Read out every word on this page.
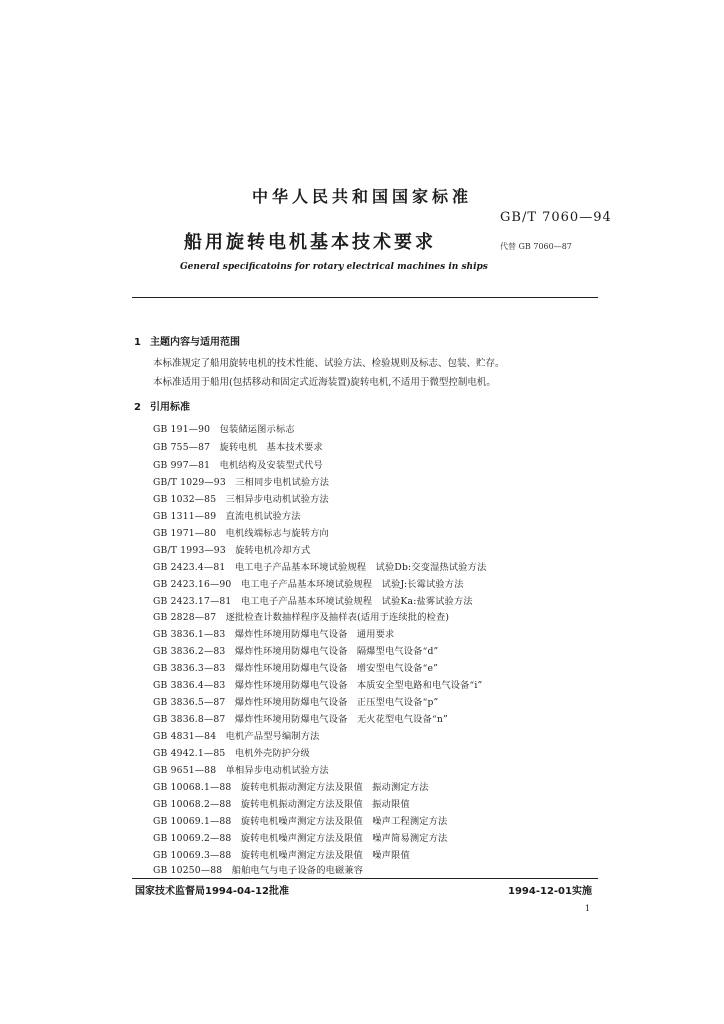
中华人民共和国国家标准
GB/T 7060—94
船用旋转电机基本技术要求	代替 GB 7060—87
General specificatoins for rotary electrical machines in ships
1 主题内容与适用范围
本标准规定了船用旋转电机的技术性能、试验方法、检验规则及标志、包装、贮存。
本标准适用于船用(包括移动和固定式近海装置)旋转电机,不适用于微型控制电机。
2 引用标准
GB 191—90　包装储运图示标志
GB 755—87　旋转电机　基本技术要求
GB 997—81　电机结构及安装型式代号
GB/T 1029—93　三相同步电机试验方法
GB 1032—85　三相异步电动机试验方法
GB 1311—89　直流电机试验方法
GB 1971—80　电机线端标志与旋转方向
GB/T 1993—93　旋转电机冷却方式
GB 2423.4—81　电工电子产品基本环境试验规程　试验Db:交变湿热试验方法
GB 2423.16—90　电工电子产品基本环境试验规程　试验J:长霉试验方法
GB 2423.17—81　电工电子产品基本环境试验规程　试验Ka:盐雾试验方法
GB 2828—87　逐批检查计数抽样程序及抽样表(适用于连续批的检查)
GB 3836.1—83　爆炸性环境用防爆电气设备　通用要求
GB 3836.2—83　爆炸性环境用防爆电气设备　隔爆型电气设备“d”
GB 3836.3—83　爆炸性环境用防爆电气设备　增安型电气设备“e”
GB 3836.4—83　爆炸性环境用防爆电气设备　本质安全型电路和电气设备“i”
GB 3836.5—87　爆炸性环境用防爆电气设备　正压型电气设备“p”
GB 3836.8—87　爆炸性环境用防爆电气设备　无火花型电气设备“n”
GB 4831—84　电机产品型号编制方法
GB 4942.1—85　电机外壳防护分级
GB 9651—88　单相异步电动机试验方法
GB 10068.1—88　旋转电机振动测定方法及限值　振动测定方法
GB 10068.2—88　旋转电机振动测定方法及限值　振动限值
GB 10069.1—88　旋转电机噪声测定方法及限值　噪声工程测定方法
GB 10069.2—88　旋转电机噪声测定方法及限值　噪声简易测定方法
GB 10069.3—88　旋转电机噪声测定方法及限值　噪声限值
GB 10250—88　船舶电气与电子设备的电磁兼容
国家技术监督局1994-04-12批准	1994-12-01实施
1
